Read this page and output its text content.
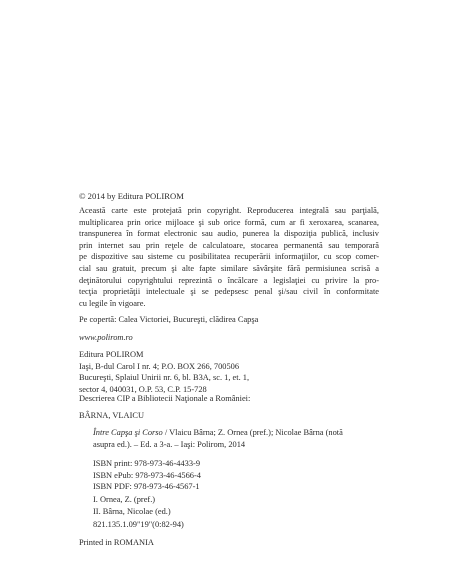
© 2014 by Editura POLIROM
Această carte este protejată prin copyright. Reproducerea integrală sau parţială,
multiplicarea prin orice mijloace şi sub orice formă, cum ar fi xeroxarea, scanarea,
transpunerea în format electronic sau audio, punerea la dispoziţia publică, inclusiv
prin internet sau prin reţele de calculatoare, stocarea permanentă sau temporară
pe dispozitive sau sisteme cu posibilitatea recuperării informaţiilor, cu scop comer-
cial sau gratuit, precum şi alte fapte similare săvârşite fără permisiunea scrisă a
deţinătorului copyrightului reprezintă o încălcare a legislaţiei cu privire la pro-
tecţia proprietăţii intelectuale şi se pedepsesc penal şi/sau civil în conformitate
cu legile în vigoare.
Pe copertă: Calea Victoriei, Bucureşti, clădirea Capşa
www.polirom.ro
Editura POLIROM
Iaşi, B-dul Carol I nr. 4; P.O. BOX 266, 700506
Bucureşti, Splaiul Unirii nr. 6, bl. B3A, sc. 1, et. 1,
sector 4, 040031, O.P. 53, C.P. 15-728
Descrierea CIP a Bibliotecii Naţionale a României:
BÂRNA, VLAICU
Între Capşa şi Corso / Vlaicu Bârna; Z. Ornea (pref.); Nicolae Bârna (notă
asupra ed.). – Ed. a 3-a. – Iaşi: Polirom, 2014
ISBN print: 978-973-46-4433-9
ISBN ePub: 978-973-46-4566-4
ISBN PDF: 978-973-46-4567-1
I. Ornea, Z. (pref.)
II. Bârna, Nicolae (ed.)
821.135.1.09"19"(0:82-94)
Printed in ROMANIA
